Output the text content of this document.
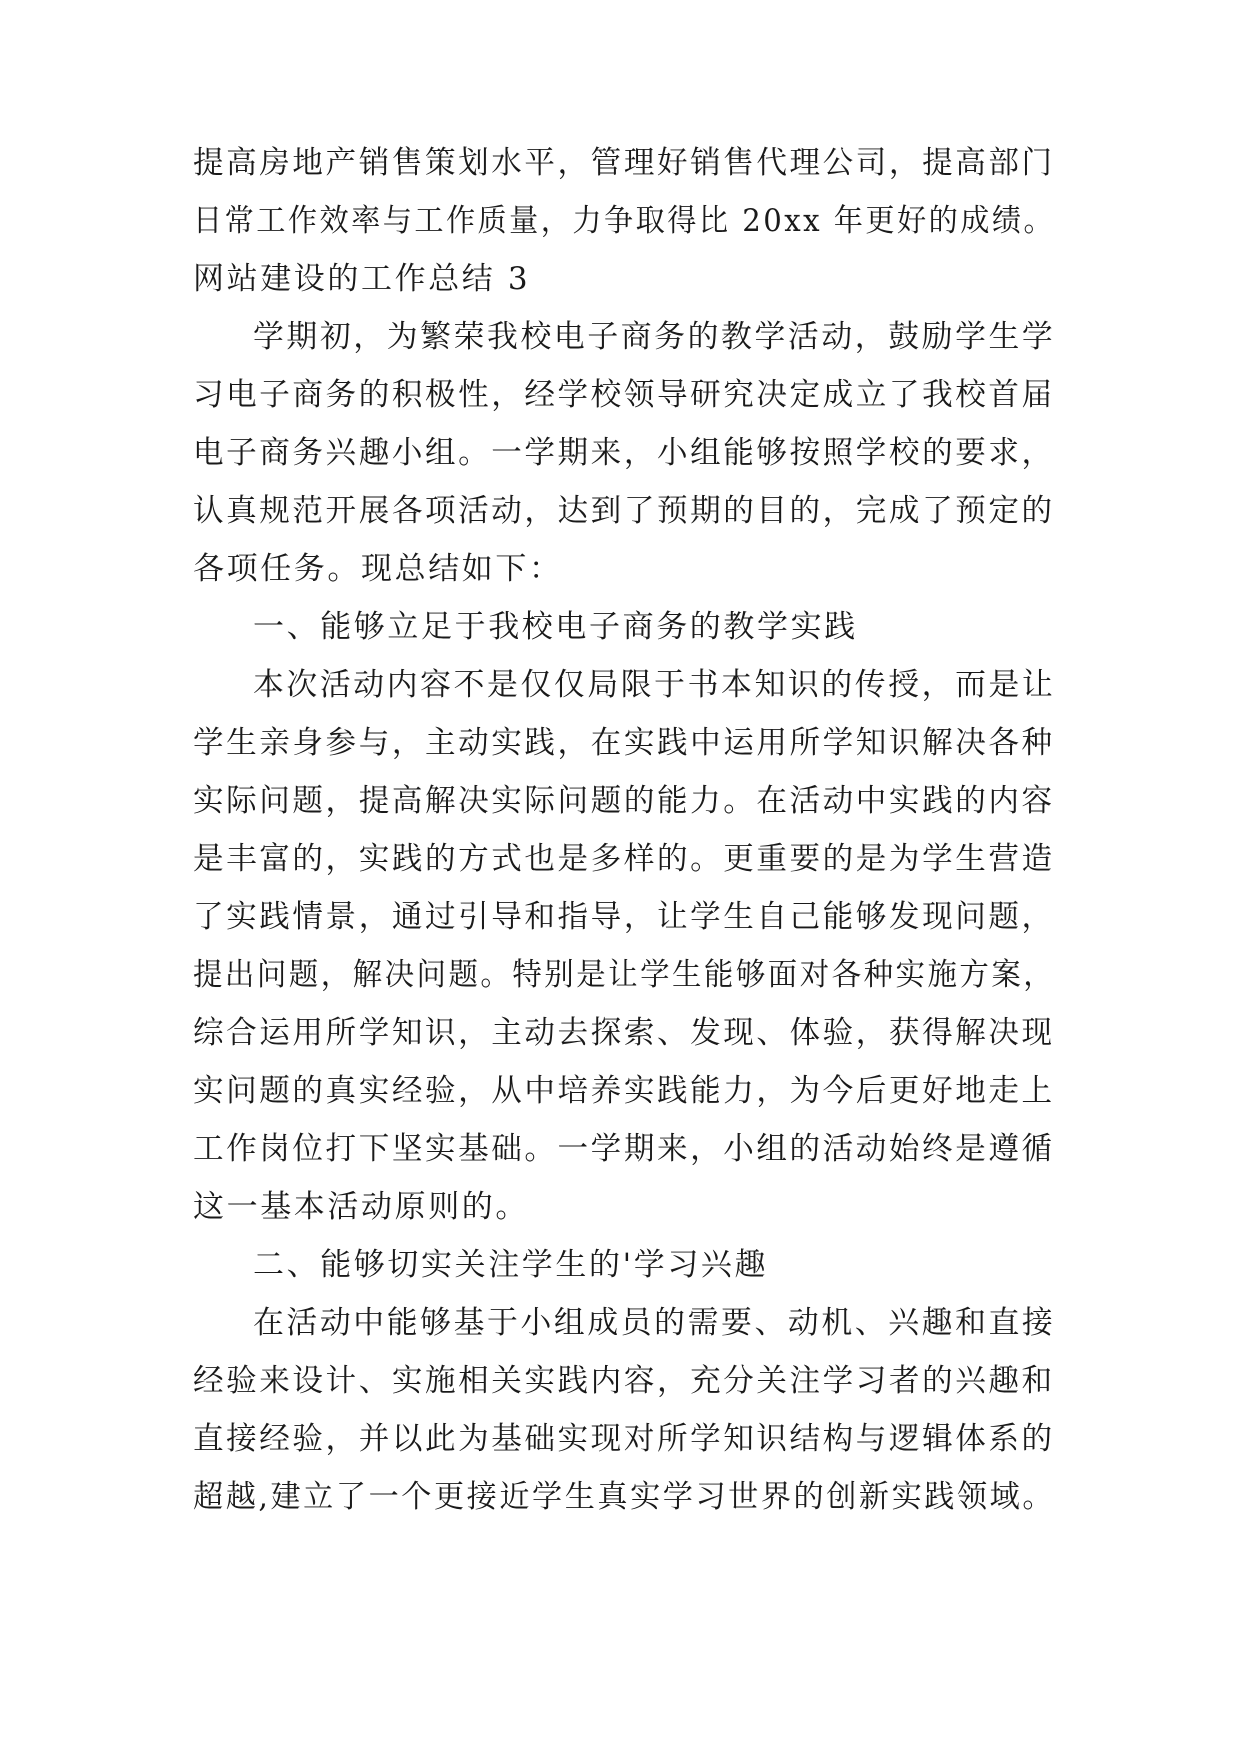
提高房地产销售策划水平，管理好销售代理公司，提高部门

日常工作效率与工作质量，力争取得比 20xx 年更好的成绩。

网站建设的工作总结 3

学期初，为繁荣我校电子商务的教学活动，鼓励学生学

习电子商务的积极性，经学校领导研究决定成立了我校首届

电子商务兴趣小组。一学期来，小组能够按照学校的要求，

认真规范开展各项活动，达到了预期的目的，完成了预定的

各项任务。现总结如下：

一、能够立足于我校电子商务的教学实践

本次活动内容不是仅仅局限于书本知识的传授，而是让

学生亲身参与，主动实践，在实践中运用所学知识解决各种

实际问题，提高解决实际问题的能力。在活动中实践的内容

是丰富的，实践的方式也是多样的。更重要的是为学生营造

了实践情景，通过引导和指导，让学生自己能够发现问题，

提出问题，解决问题。特别是让学生能够面对各种实施方案，

综合运用所学知识，主动去探索、发现、体验，获得解决现

实问题的真实经验，从中培养实践能力，为今后更好地走上

工作岗位打下坚实基础。一学期来，小组的活动始终是遵循

这一基本活动原则的。

二、能够切实关注学生的'学习兴趣

在活动中能够基于小组成员的需要、动机、兴趣和直接

经验来设计、实施相关实践内容，充分关注学习者的兴趣和

直接经验，并以此为基础实现对所学知识结构与逻辑体系的

超越,建立了一个更接近学生真实学习世界的创新实践领域。
